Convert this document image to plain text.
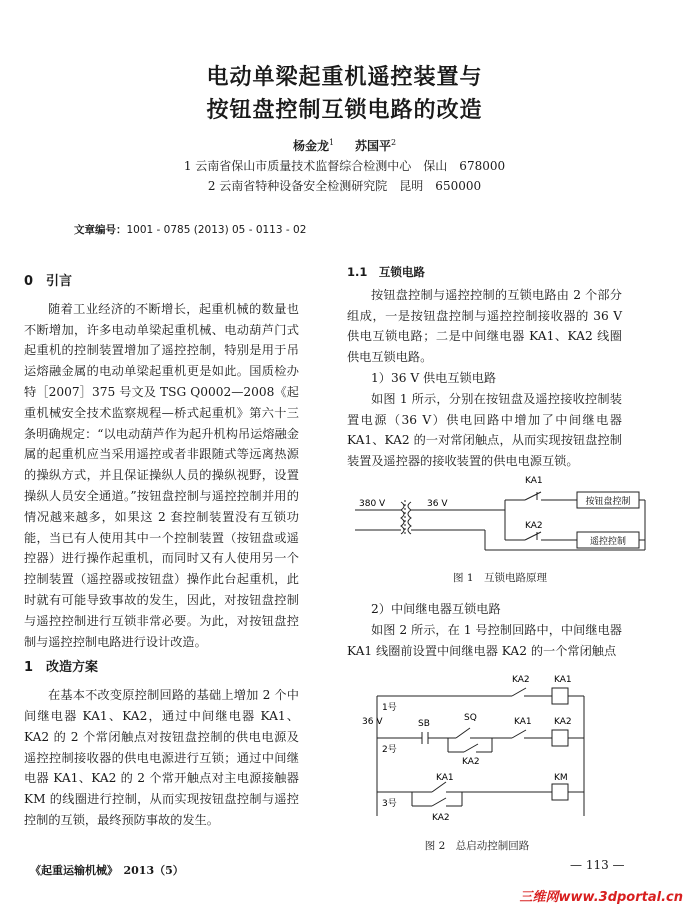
电动单梁起重机遥控装置与
按钮盘控制互锁电路的改造
杨金龙$^1$ 苏国平$^2$
1 云南省保山市质量技术监督综合检测中心　保山　678000
2 云南省特种设备安全检测研究院　昆明　650000
文章编号：1001 - 0785 (2013) 05 - 0113 - 02
0　引言

随着工业经济的不断增长，起重机械的数量也不断增加，许多电动单梁起重机械、电动葫芦门式起重机的控制装置增加了遥控控制，特别是用于吊运熔融金属的电动单梁起重机更是如此。国质检办特［2007］375 号文及 TSG Q0002—2008《起重机械安全技术监察规程—桥式起重机》第六十三条明确规定：“以电动葫芦作为起升机构吊运熔融金属的起重机应当采用遥控或者非跟随式等远离热源的操纵方式，并且保证操纵人员的操纵视野，设置操纵人员安全通道。”按钮盘控制与遥控控制并用的情况越来越多，如果这 2 套控制装置没有互锁功能，当已有人使用其中一个控制装置（按钮盘或遥控器）进行操作起重机，而同时又有人使用另一个控制装置（遥控器或按钮盘）操作此台起重机，此时就有可能导致事故的发生，因此，对按钮盘控制与遥控控制进行互锁非常必要。为此，对按钮盘控制与遥控控制电路进行设计改造。

1　改造方案

在基本不改变原控制回路的基础上增加 2 个中间继电器 KA1、KA2，通过中间继电器 KA1、KA2 的 2 个常闭触点对按钮盘控制的供电电源及遥控控制接收器的供电电源进行互锁；通过中间继电器 KA1、KA2 的 2 个常开触点对主电源接触器 KM 的线圈进行控制，从而实现按钮盘控制与遥控控制的互锁，最终预防事故的发生。

1.1　互锁电路

按钮盘控制与遥控控制的互锁电路由 2 个部分组成，一是按钮盘控制与遥控控制接收器的 36 V 供电互锁电路；二是中间继电器 KA1、KA2 线圈供电互锁电路。

1）36 V 供电互锁电路

如图 1 所示，分别在按钮盘及遥控接收控制装置电源（36 V）供电回路中增加了中间继电器 KA1、KA2 的一对常闭触点，从而实现按钮盘控制装置及遥控器的接收装置的供电电源互锁。

380 V	36 V
KA1
KA2
按钮盘控制
遥控控制
图 1　互锁电路原理

2）中间继电器互锁电路

如图 2 所示，在 1 号控制回路中，中间继电器 KA1 线圈前设置中间继电器 KA2 的一个常闭触点

KA2	KA1
1号
36 V	SB
SQ	KA1 KA2
2号
KA2
KA1	KM
3号
KA2
图 2　总启动控制回路
《起重运输机械》　2013（5）	— 113 —
三维网www.3dportal.cn
